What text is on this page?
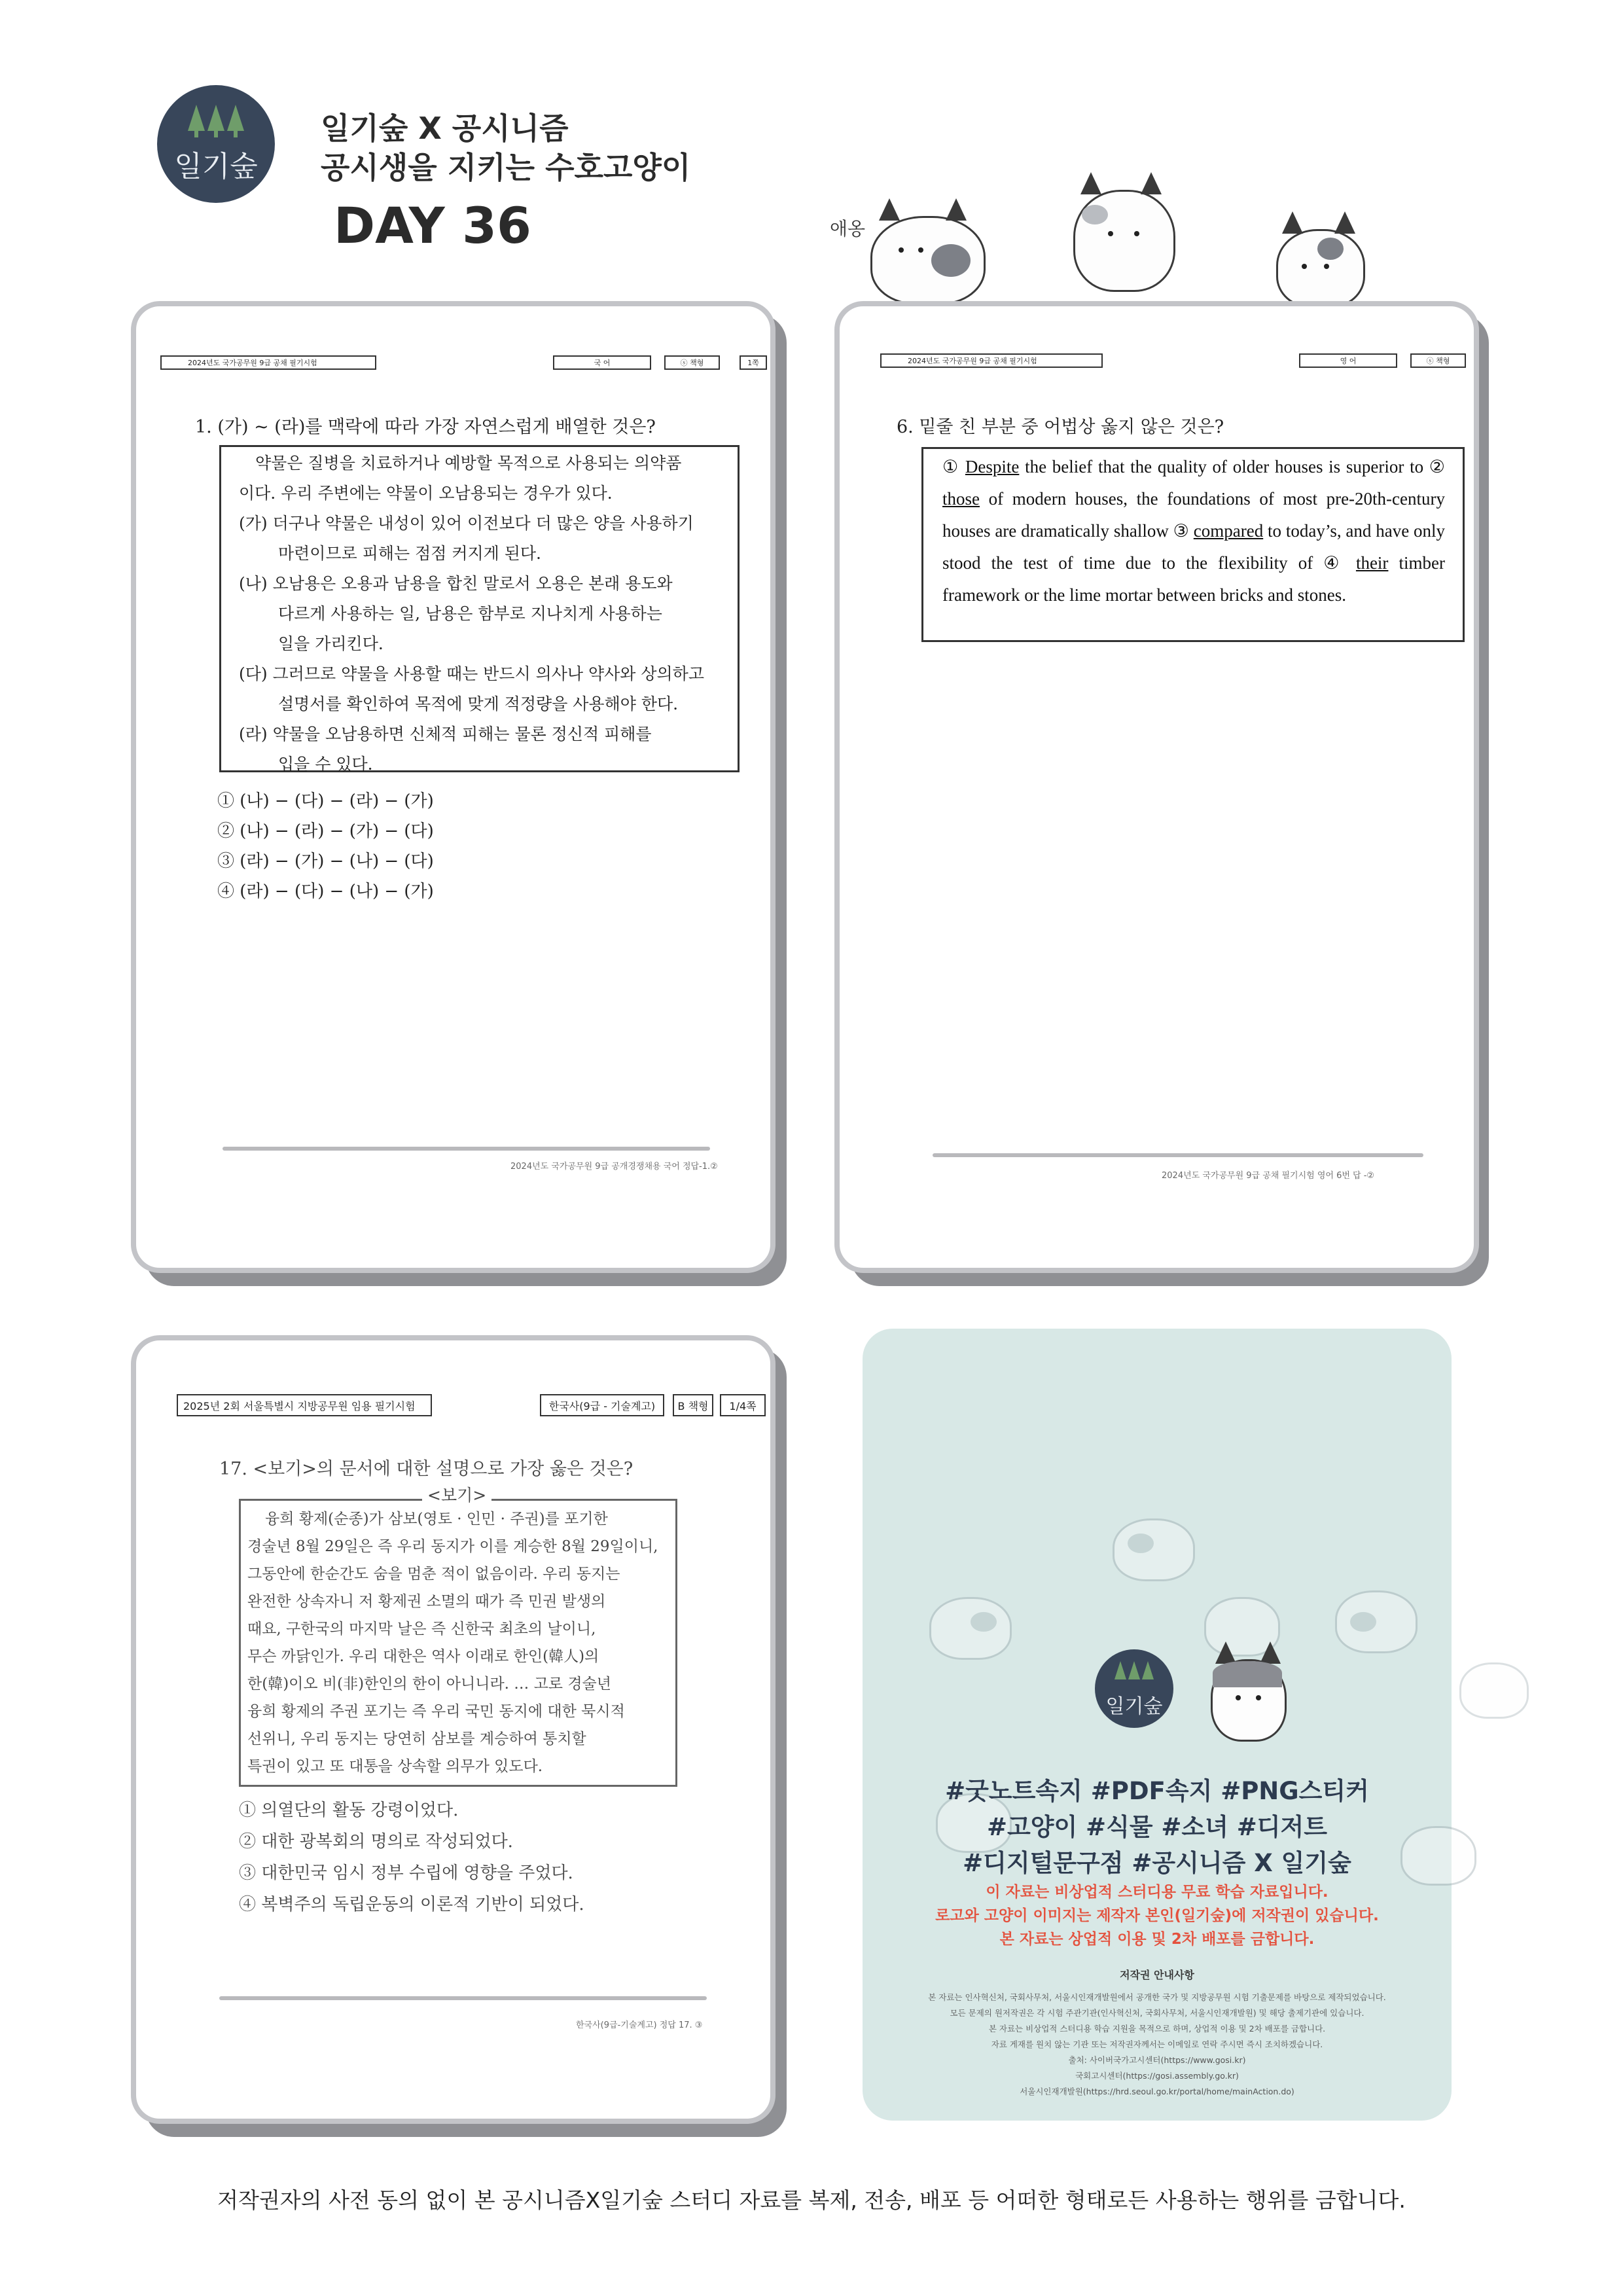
일기숲
일기숲 X 공시니즘
공시생을 지키는 수호고양이
DAY 36	애옹
2024년도 국가공무원 9급 공채 필기시험	국 어	ⓢ 책형	1쪽
1. (가) ~ (라)를 맥락에 따라 가장 자연스럽게 배열한 것은?
약물은 질병을 치료하거나 예방할 목적으로 사용되는 의약품
이다. 우리 주변에는 약물이 오남용되는 경우가 있다.
(가) 더구나 약물은 내성이 있어 이전보다 더 많은 양을 사용하기
마련이므로 피해는 점점 커지게 된다.
(나) 오남용은 오용과 남용을 합친 말로서 오용은 본래 용도와
다르게 사용하는 일, 남용은 함부로 지나치게 사용하는
일을 가리킨다.
(다) 그러므로 약물을 사용할 때는 반드시 의사나 약사와 상의하고
설명서를 확인하여 목적에 맞게 적정량을 사용해야 한다.
(라) 약물을 오남용하면 신체적 피해는 물론 정신적 피해를
입을 수 있다.
① (나) − (다) − (라) − (가)
② (나) − (라) − (가) − (다)
③ (라) − (가) − (나) − (다)
④ (라) − (다) − (나) − (가)
2024년도 국가공무원 9급 공개경쟁채용 국어 정답-1.②
2024년도 국가공무원 9급 공채 필기시험	영 어	ⓢ 책형
6. 밑줄 친 부분 중 어법상 옳지 않은 것은?
① Despite the belief that the quality of older houses is superior to ② those of modern houses, the foundations of most pre-20th-century houses are dramatically shallow ③ compared to today’s, and have only stood the test of time due to the flexibility of ④ their timber framework or the lime mortar between bricks and stones.
2024년도 국가공무원 9급 공채 필기시험 영어 6번 답 -②
2025년 2회 서울특별시 지방공무원 임용 필기시험	한국사(9급 - 기술계고)	B 책형	1/4쪽
17. <보기>의 문서에 대한 설명으로 가장 옳은 것은?
<보기>
융희 황제(순종)가 삼보(영토 · 인민 · 주권)를 포기한
경술년 8월 29일은 즉 우리 동지가 이를 계승한 8월 29일이니,
그동안에 한순간도 숨을 멈춘 적이 없음이라. 우리 동지는
완전한 상속자니 저 황제권 소멸의 때가 즉 민권 발생의
때요, 구한국의 마지막 날은 즉 신한국 최초의 날이니,
무슨 까닭인가. 우리 대한은 역사 이래로 한인(韓人)의
한(韓)이오 비(非)한인의 한이 아니니라. … 고로 경술년
융희 황제의 주권 포기는 즉 우리 국민 동지에 대한 묵시적
선위니, 우리 동지는 당연히 삼보를 계승하여 통치할
특권이 있고 또 대통을 상속할 의무가 있도다.
① 의열단의 활동 강령이었다.
② 대한 광복회의 명의로 작성되었다.
③ 대한민국 임시 정부 수립에 영향을 주었다.
④ 복벽주의 독립운동의 이론적 기반이 되었다.
한국사(9급-기술계고) 정답 17. ③
일기숲
#굿노트속지 #PDF속지 #PNG스티커
#고양이 #식물 #소녀 #디저트
#디지털문구점 #공시니즘 X 일기숲
이 자료는 비상업적 스터디용 무료 학습 자료입니다.
로고와 고양이 이미지는 제작자 본인(일기숲)에 저작권이 있습니다.
본 자료는 상업적 이용 및 2차 배포를 금합니다.
저작권 안내사항
본 자료는 인사혁신처, 국회사무처, 서울시인재개발원에서 공개한 국가 및 지방공무원 시험 기출문제를 바탕으로 제작되었습니다.
모든 문제의 원저작권은 각 시험 주관기관(인사혁신처, 국회사무처, 서울시인재개발원) 및 해당 출제기관에 있습니다.
본 자료는 비상업적 스터디용 학습 지원을 목적으로 하며, 상업적 이용 및 2차 배포를 금합니다.
자료 게재를 원치 않는 기관 또는 저작권자께서는 이메일로 연락 주시면 즉시 조치하겠습니다.
출처: 사이버국가고시센터(https://www.gosi.kr)
국회고시센터(https://gosi.assembly.go.kr)
서울시인재개발원(https://hrd.seoul.go.kr/portal/home/mainAction.do)
저작권자의 사전 동의 없이 본 공시니즘X일기숲 스터디 자료를 복제, 전송, 배포 등 어떠한 형태로든 사용하는 행위를 금합니다.
